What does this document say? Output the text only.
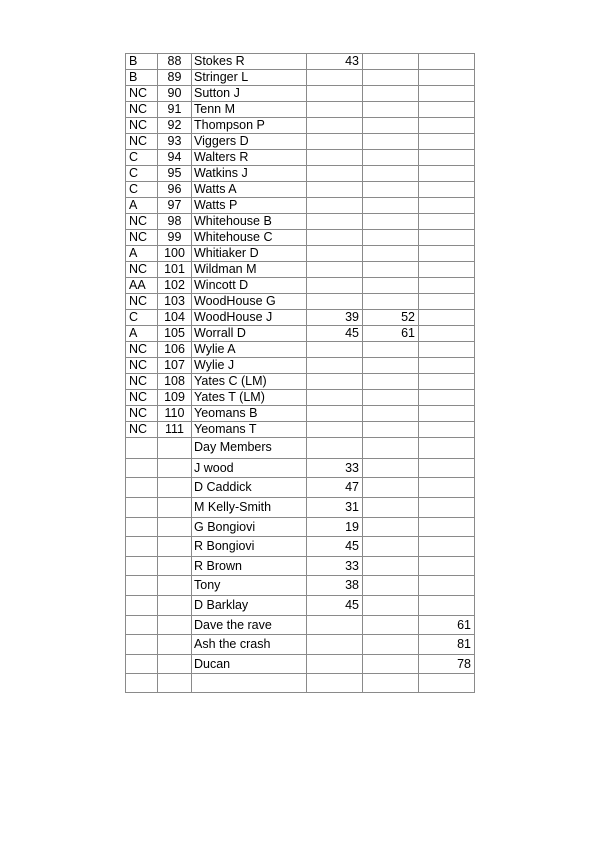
B	88	Stokes R	43		
B	89	Stringer L			
NC	90	Sutton J			
NC	91	Tenn M			
NC	92	Thompson P			
NC	93	Viggers D			
C	94	Walters R			
C	95	Watkins J			
C	96	Watts A			
A	97	Watts P			
NC	98	Whitehouse B			
NC	99	Whitehouse C			
A	100	Whitiaker D			
NC	101	Wildman M			
AA	102	Wincott D			
NC	103	WoodHouse G			
C	104	WoodHouse J	39	52	
A	105	Worrall D	45	61	
NC	106	Wylie A			
NC	107	Wylie J			
NC	108	Yates C (LM)			
NC	109	Yates T (LM)			
NC	110	Yeomans B			
NC	111	Yeomans T			
		Day Members			
		J wood	33		
		D Caddick	47		
		M Kelly-Smith	31		
		G Bongiovi	19		
		R Bongiovi	45		
		R Brown	33		
		Tony	38		
		D Barklay	45		
		Dave the rave			61
		Ash the crash			81
		Ducan			78
